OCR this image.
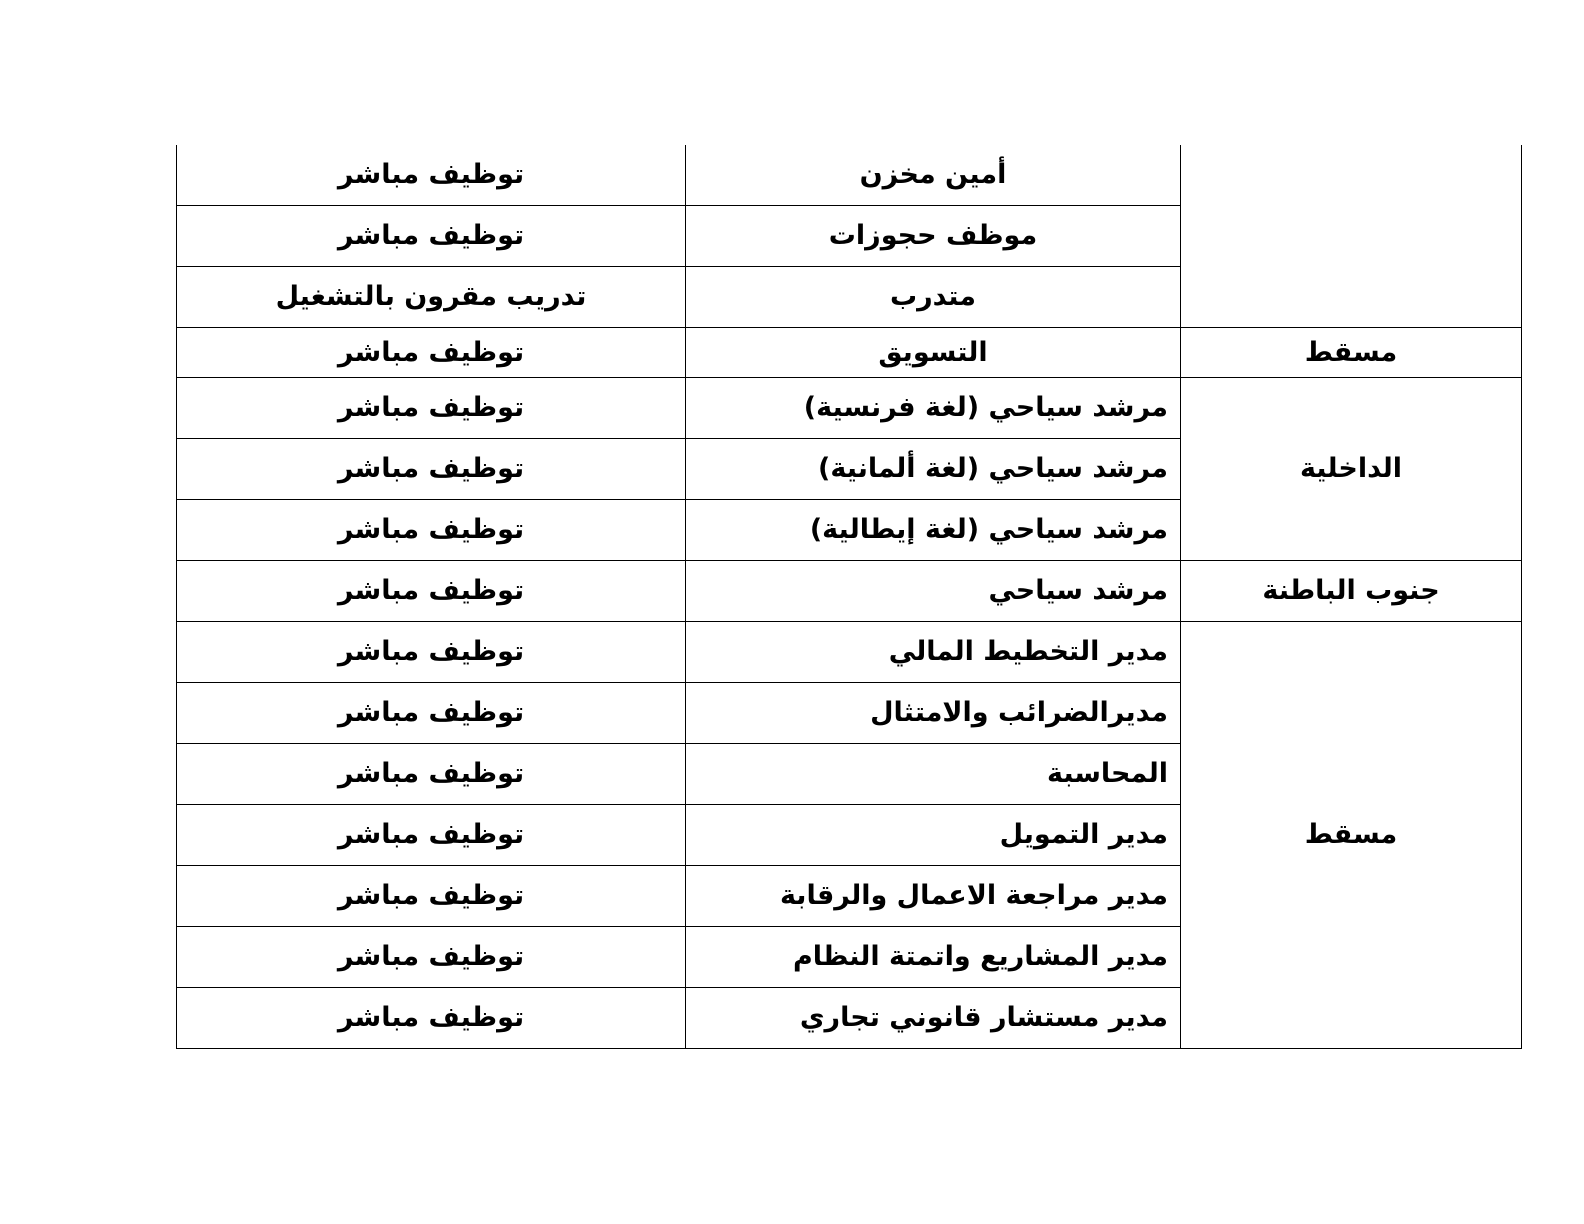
	أمين مخزن	توظيف مباشر
	موظف حجوزات	توظيف مباشر
	متدرب	تدريب مقرون بالتشغيل
مسقط	التسويق	توظيف مباشر
الداخلية	مرشد سياحي (لغة فرنسية)	توظيف مباشر
	مرشد سياحي (لغة ألمانية)	توظيف مباشر
	مرشد سياحي (لغة إيطالية)	توظيف مباشر
جنوب الباطنة	مرشد سياحي	توظيف مباشر
مسقط	مدير التخطيط المالي	توظيف مباشر
	مديرالضرائب والامتثال	توظيف مباشر
	المحاسبة	توظيف مباشر
	مدير التمويل	توظيف مباشر
	مدير مراجعة الاعمال والرقابة	توظيف مباشر
	مدير المشاريع واتمتة النظام	توظيف مباشر
	مدير مستشار قانوني تجاري	توظيف مباشر
